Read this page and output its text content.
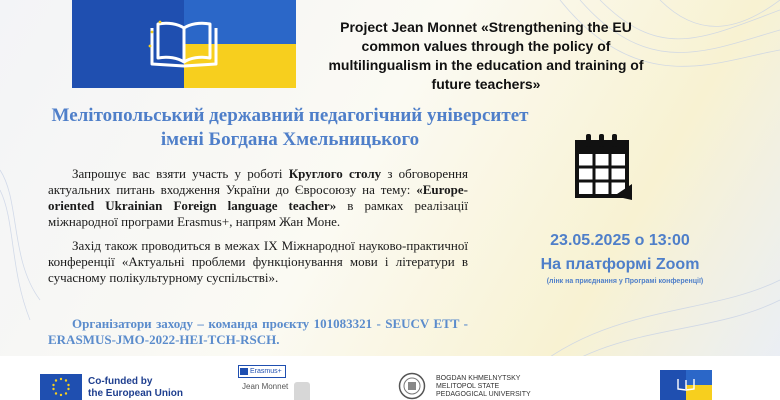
Project Jean Monnet «Strengthening the EU common values through the policy of multilingualism in the education and training of future teachers»
Мелітопольський державний педагогічний університет імені Богдана Хмельницького

Запрошує вас взяти участь у роботі Круглого столу з обговорення актуальних питань входження України до Євросоюзу на тему: «Europe-oriented Ukrainian Foreign language teacher» в рамках реалізації міжнародної програми Erasmus+, напрям Жан Моне.

Захід також проводиться в межах IX Міжнародної науково-практичної конференції «Актуальні проблеми функціонування мови і літератури в сучасному полікультурному суспільстві».

Організатори заходу – команда проєкту 101083321 - SEUCV ETT - ERASMUS-JMO-2022-HEI-TCH-RSCH.
23.05.2025 о 13:00
На платформі Zoom
(лінк на приєднання у Програмі конференції)
Co-funded by
the European Union
Erasmus+
Jean Monnet
BOGDAN KHMELNYTSKY
MELITOPOL STATE
PEDAGOGICAL UNIVERSITY
